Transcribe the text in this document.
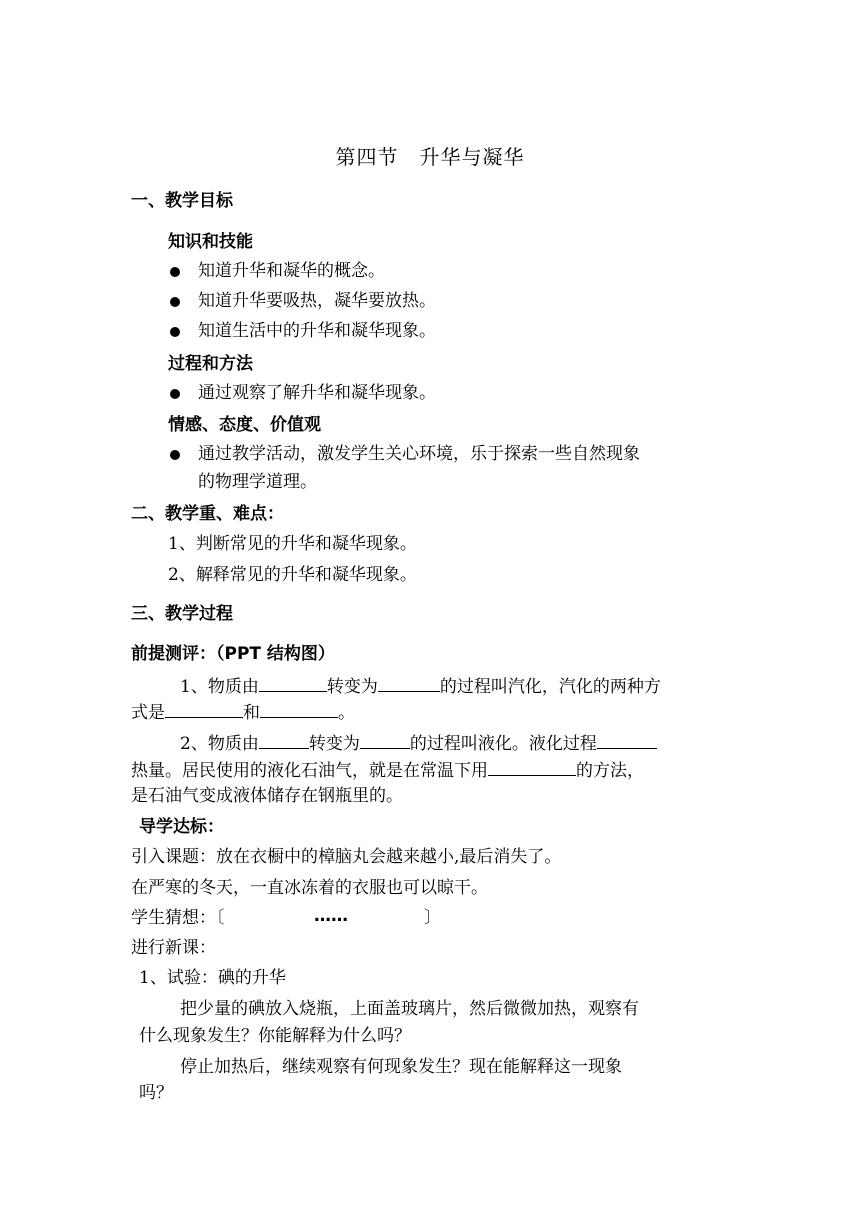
第四节　升华与凝华
一、教学目标
知识和技能
知道升华和凝华的概念。
知道升华要吸热，凝华要放热。
知道生活中的升华和凝华现象。
过程和方法
通过观察了解升华和凝华现象。
情感、态度、价值观
通过教学活动，激发学生关心环境，乐于探索一些自然现象
的物理学道理。
二、教学重、难点：
1、判断常见的升华和凝华现象。
2、解释常见的升华和凝华现象。
三、教学过程
前提测评：（PPT 结构图）
1、物质由	转变为	的过程叫汽化，汽化的两种方
式是	和	。
2、物质由	转变为	的过程叫液化。液化过程
热量。居民使用的液化石油气，就是在常温下用	的方法，
是石油气变成液体储存在钢瓶里的。
导学达标：
引入课题：放在衣橱中的樟脑丸会越来越小,最后消失了。
在严寒的冬天，一直冰冻着的衣服也可以晾干。
学生猜想：〔	……	〕
进行新课：
1、试验：碘的升华
把少量的碘放入烧瓶，上面盖玻璃片，然后微微加热，观察有
什么现象发生？你能解释为什么吗？
停止加热后，继续观察有何现象发生？现在能解释这一现象
吗？
